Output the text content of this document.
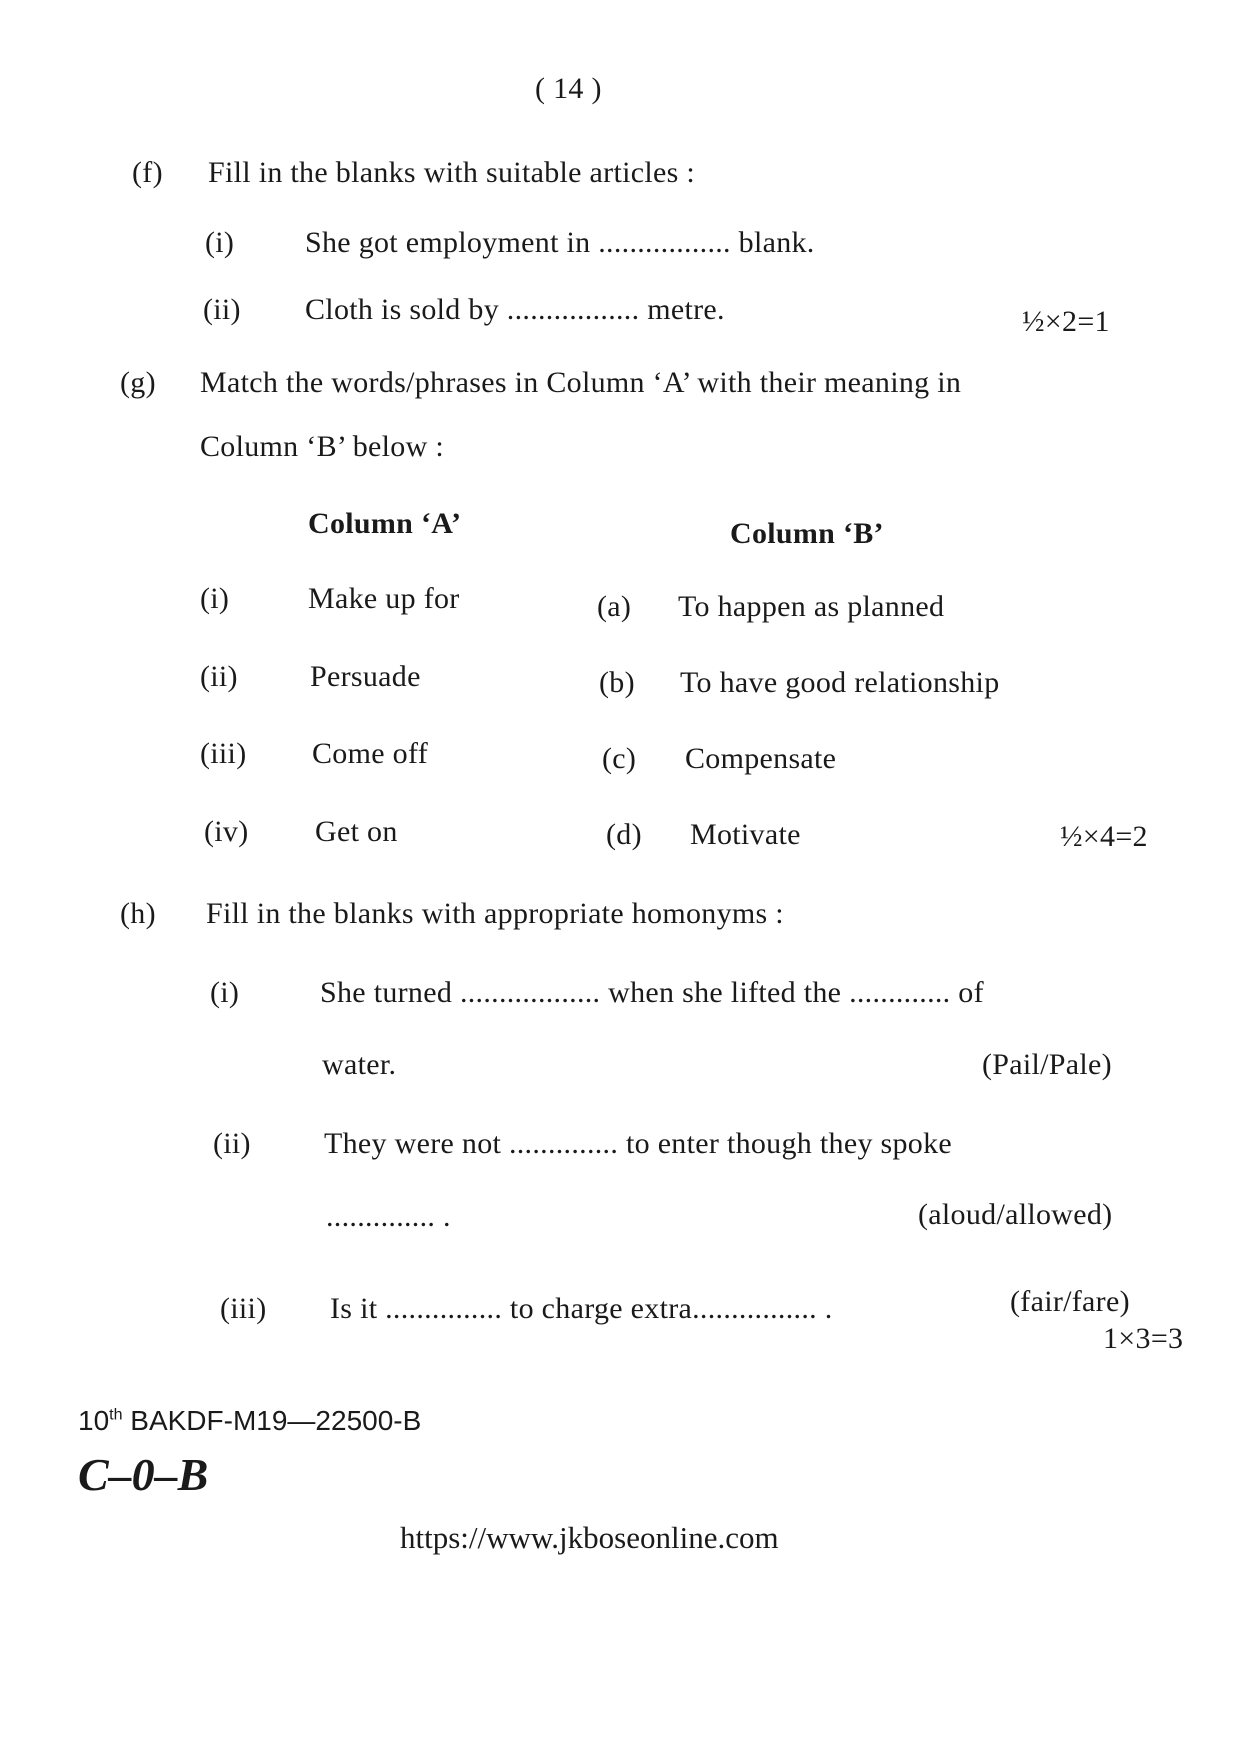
( 14 )
(f) Fill in the blanks with suitable articles :
(i) She got employment in ................. blank.
(ii) Cloth is sold by ................. metre.	½×2=1
(g) Match the words/phrases in Column ‘A’ with their meaning in
Column ‘B’ below :
Column ‘A’	Column ‘B’
(i)	Make up for	(a) To happen as planned
(ii) Persuade	(b) To have good relationship
(iii) Come off	(c) Compensate
(iv) Get on	(d) Motivate	½×4=2
(h) Fill in the blanks with appropriate homonyms :
(i)	She turned .................. when she lifted the ............. of
water.	(Pail/Pale)
(ii) They were not .............. to enter though they spoke
.............. .	(aloud/allowed)
(iii) Is it ............... to charge extra................ .	(fair/fare)
1×3=3
10th BAKDF-M19—22500-B
C–0–B
https://www.jkboseonline.com
